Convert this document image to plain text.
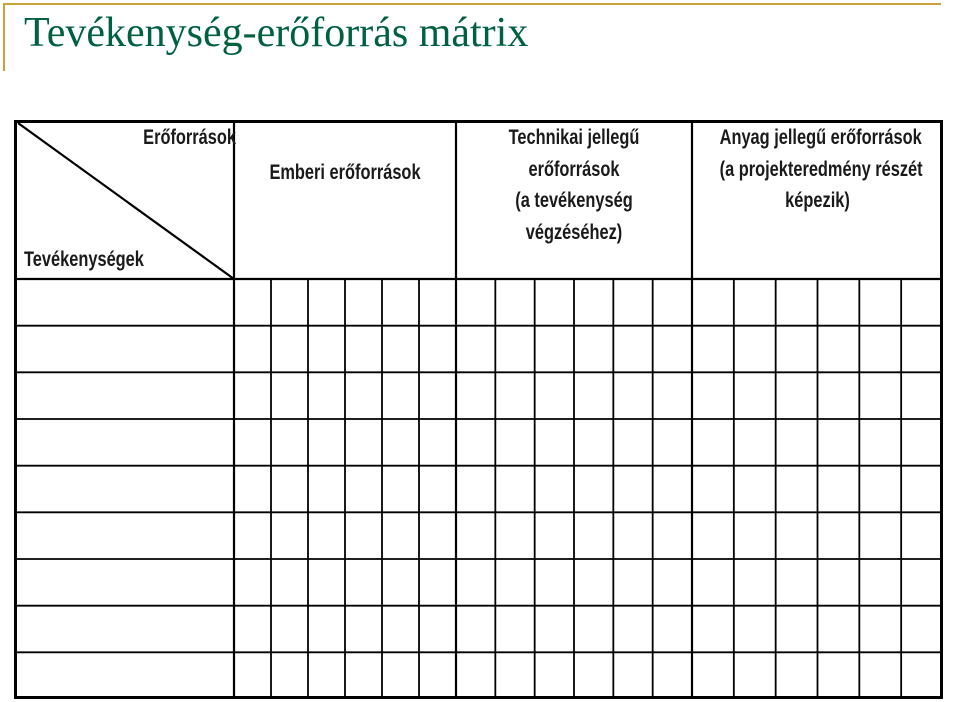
Tevékenység-erőforrás mátrix
Erőforrások
Tevékenységek
Emberi erőforrások
Technikai jellegű
erőforrások
(a tevékenység
végzéséhez)
Anyag jellegű erőforrások
(a projekteredmény részét
képezik)
